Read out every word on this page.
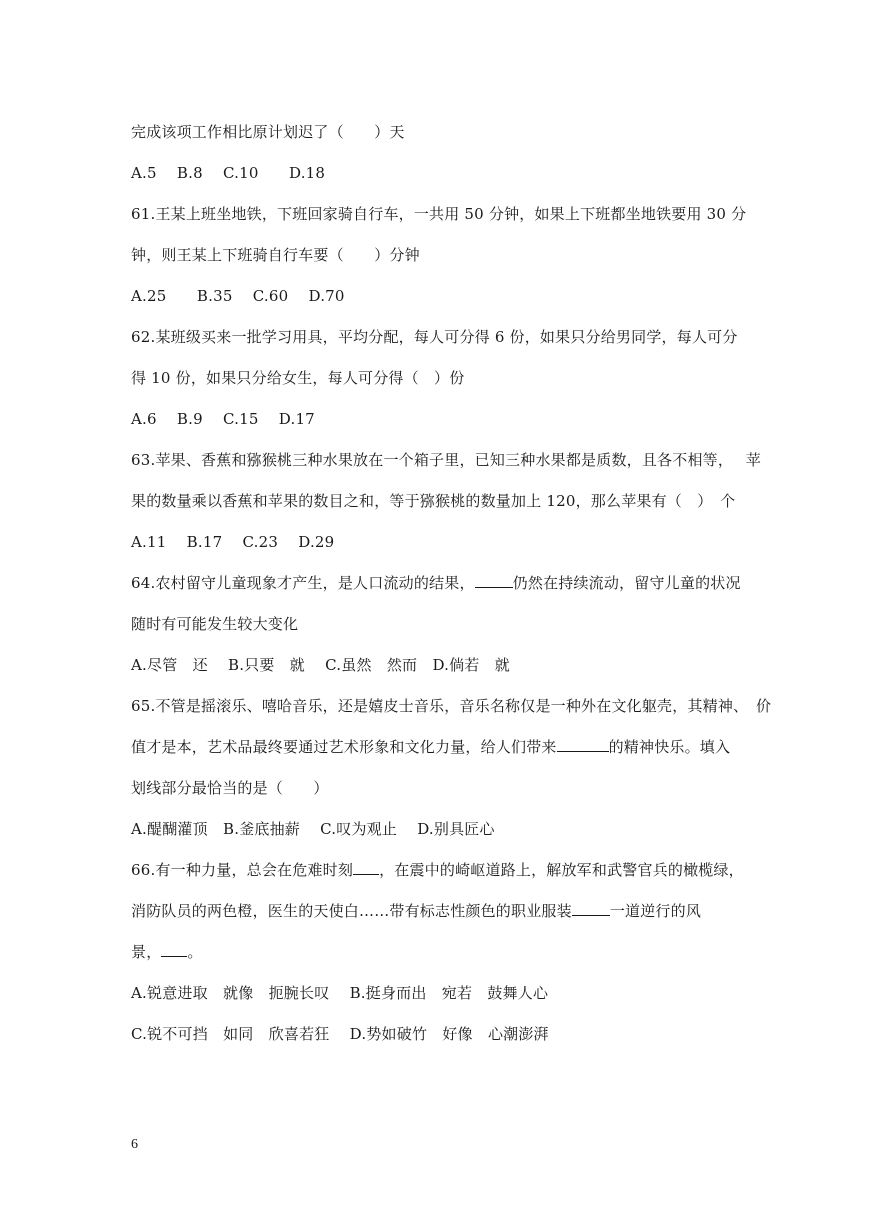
完成该项工作相比原计划迟了（　　）天
A.5　 B.8　 C.10　　D.18
61.王某上班坐地铁，下班回家骑自行车，一共用 50 分钟，如果上下班都坐地铁要用 30 分
钟，则王某上下班骑自行车要（　　）分钟
A.25　　B.35　 C.60　 D.70
62.某班级买来一批学习用具，平均分配，每人可分得 6 份，如果只分给男同学，每人可分
得 10 份，如果只分给女生，每人可分得（　）份
A.6　 B.9　 C.15　 D.17
63.苹果、香蕉和猕猴桃三种水果放在一个箱子里，已知三种水果都是质数，且各不相等，　 苹
果的数量乘以香蕉和苹果的数目之和，等于猕猴桃的数量加上 120，那么苹果有（　）　个
A.11　 B.17　 C.23　 D.29
64.农村留守儿童现象才产生，是人口流动的结果，	仍然在持续流动，留守儿童的状况
随时有可能发生较大变化
A.尽管　还　 B.只要　就　 C.虽然　然而　D.倘若　就
65.不管是摇滚乐、嘻哈音乐，还是嬉皮士音乐，音乐名称仅是一种外在文化躯壳，其精神、　价
值才是本，艺术品最终要通过艺术形象和文化力量，给人们带来	的精神快乐。填入
划线部分最恰当的是（　　）
A.醍醐灌顶　B.釜底抽薪　 C.叹为观止　 D.别具匠心
66.有一种力量，总会在危难时刻 ，在震中的崎岖道路上，解放军和武警官兵的橄榄绿，
消防队员的两色橙，医生的天使白……带有标志性颜色的职业服装	一道逆行的风
景， 。
A.锐意进取　就像　扼腕长叹　 B.挺身而出　宛若　鼓舞人心
C.锐不可挡　如同　欣喜若狂　 D.势如破竹　好像　心潮澎湃
6
